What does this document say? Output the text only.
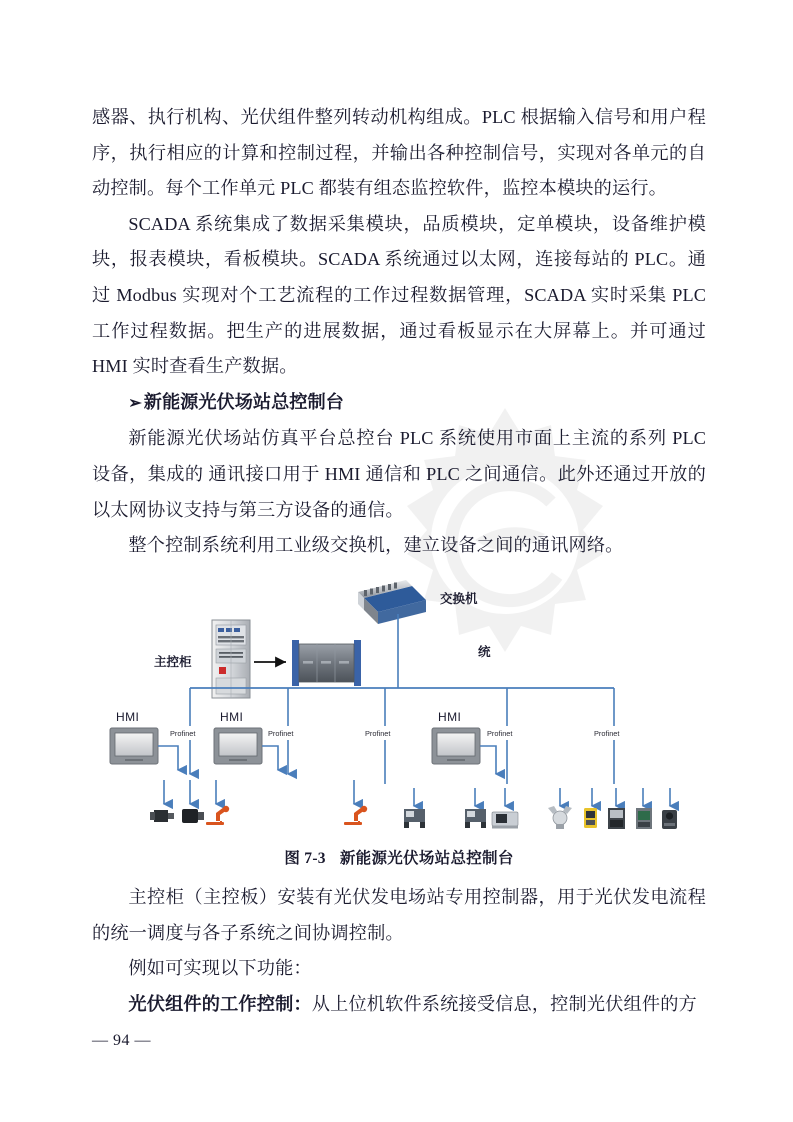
感器、执行机构、光伏组件整列转动机构组成。PLC 根据输入信号和用户程序，执行相应的计算和控制过程，并输出各种控制信号，实现对各单元的自动控制。每个工作单元 PLC 都装有组态监控软件，监控本模块的运行。

SCADA 系统集成了数据采集模块，品质模块，定单模块，设备维护模块，报表模块，看板模块。SCADA 系统通过以太网，连接每站的 PLC。通过 Modbus 实现对个工艺流程的工作过程数据管理，SCADA 实时采集 PLC 工作过程数据。把生产的进展数据，通过看板显示在大屏幕上。并可通过 HMI 实时查看生产数据。

➢ 新能源光伏场站总控制台

新能源光伏场站仿真平台总控台 PLC 系统使用市面上主流的系列 PLC 设备，集成的 通讯接口用于 HMI 通信和 PLC 之间通信。此外还通过开放的以太网协议支持与第三方设备的通信。

整个控制系统利用工业级交换机，建立设备之间的通讯网络。

交换机
主控柜
统
Profinet	Profinet	Profinet	Profinet	Profinet
HMI	HMI	HMI
图 7-3 新能源光伏场站总控制台

主控柜（主控板）安装有光伏发电场站专用控制器，用于光伏发电流程的统一调度与各子系统之间协调控制。

例如可实现以下功能：

光伏组件的工作控制：从上位机软件系统接受信息，控制光伏组件的方

— 94 —
